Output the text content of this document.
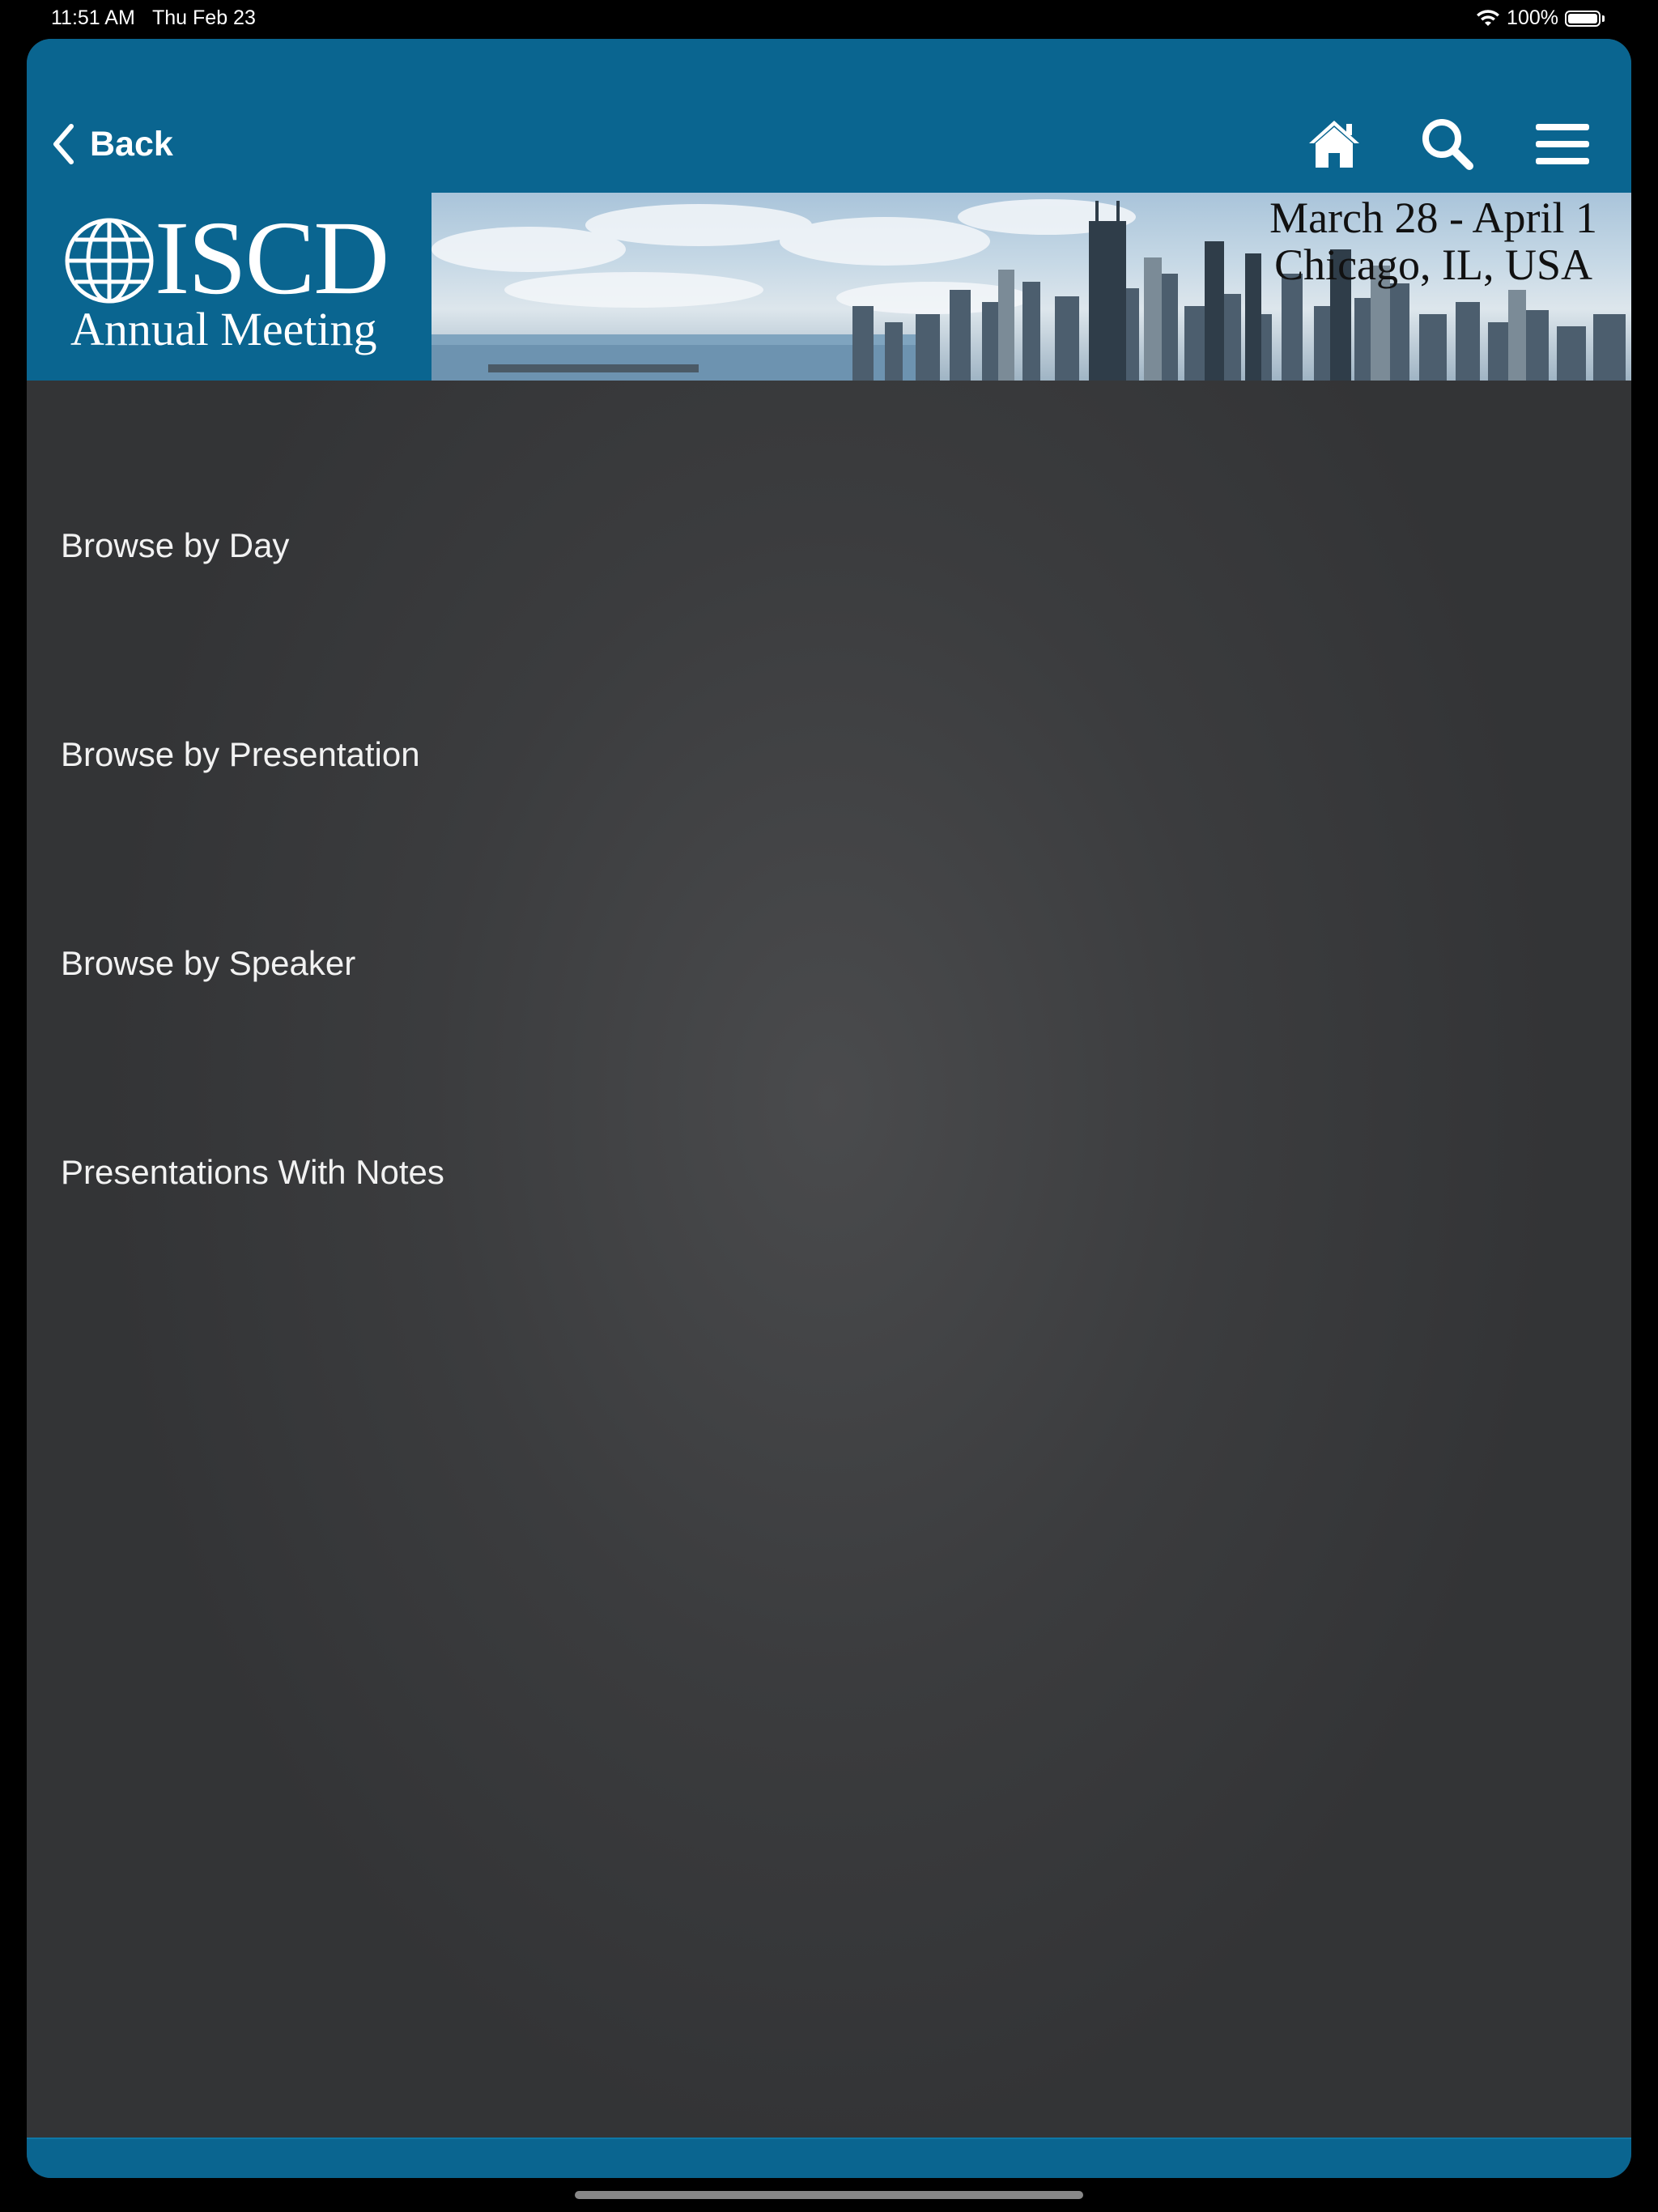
11:51 AM Thu Feb 23	100%
Back
ISCD
Annual Meeting
March 28 - April 1
Chicago, IL, USA
Browse by Day
Browse by Presentation
Browse by Speaker
Presentations With Notes
